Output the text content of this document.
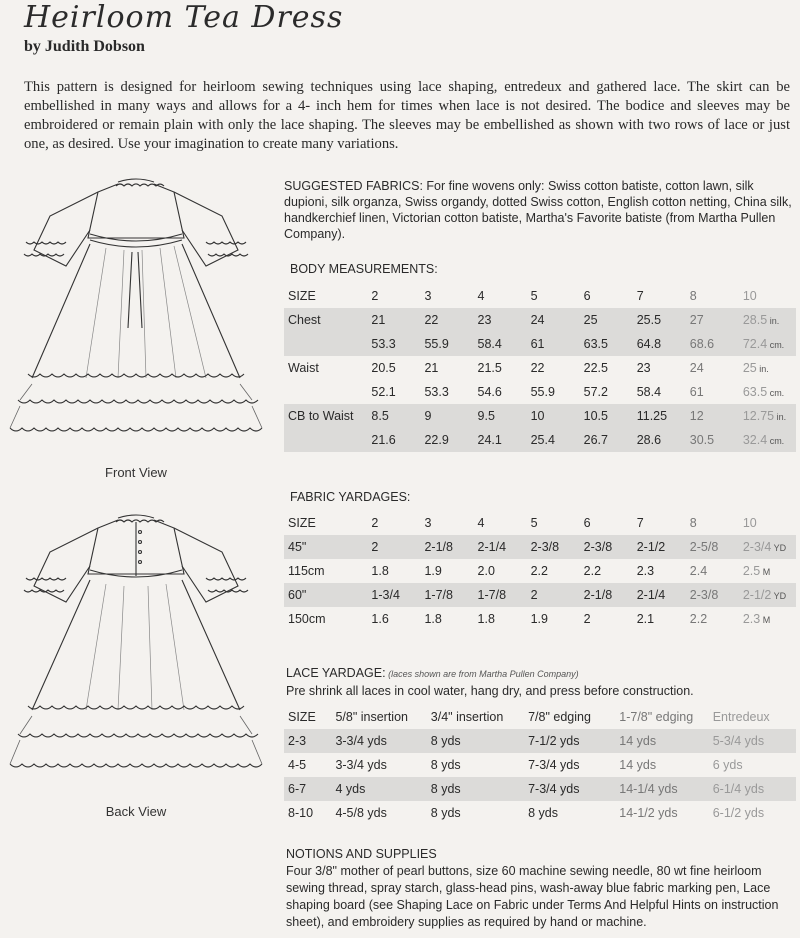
Heirloom Tea Dress
by Judith Dobson

This pattern is designed for heirloom sewing techniques using lace shaping, entredeux and gathered lace. The skirt can be embellished in many ways and allows for a 4- inch hem for times when lace is not desired. The bodice and sleeves may be embroidered or remain plain with only the lace shaping. The sleeves may be embellished as shown with two rows of lace or just one, as desired. Use your imagination to create many variations.

Front View
Back View

SUGGESTED FABRICS: For fine wovens only: Swiss cotton batiste, cotton lawn, silk dupioni, silk organza, Swiss organdy, dotted Swiss cotton, English cotton netting, China silk, handkerchief linen, Victorian cotton batiste, Martha's Favorite batiste (from Martha Pullen Company).

BODY MEASUREMENTS:
SIZE	2	3	4	5	6	7	8	10
Chest	21	22	23	24	25	25.5	27	28.5 in.
	53.3	55.9	58.4	61	63.5	64.8	68.6	72.4 cm.
Waist	20.5	21	21.5	22	22.5	23	24	25 in.
	52.1	53.3	54.6	55.9	57.2	58.4	61	63.5 cm.
CB to Waist	8.5	9	9.5	10	10.5	11.25	12	12.75 in.
	21.6	22.9	24.1	25.4	26.7	28.6	30.5	32.4 cm.
FABRIC YARDAGES:
SIZE	2	3	4	5	6	7	8	10
45"	2	2-1/8	2-1/4	2-3/8	2-3/8	2-1/2	2-5/8	2-3/4 YD
115cm	1.8	1.9	2.0	2.2	2.2	2.3	2.4	2.5 M
60"	1-3/4	1-7/8	1-7/8	2	2-1/8	2-1/4	2-3/8	2-1/2 YD
150cm	1.6	1.8	1.8	1.9	2	2.1	2.2	2.3 M
LACE YARDAGE: (laces shown are from Martha Pullen Company)
Pre shrink all laces in cool water, hang dry, and press before construction.
SIZE	5/8" insertion	3/4" insertion	7/8" edging	1-7/8" edging	Entredeux
2-3	3-3/4 yds	8 yds	7-1/2 yds	14 yds	5-3/4 yds
4-5	3-3/4 yds	8 yds	7-3/4 yds	14 yds	6 yds
6-7	4 yds	8 yds	7-3/4 yds	14-1/4 yds	6-1/4 yds
8-10	4-5/8 yds	8 yds	8 yds	14-1/2 yds	6-1/2 yds
NOTIONS AND SUPPLIES
Four 3/8" mother of pearl buttons, size 60 machine sewing needle, 80 wt fine heirloom sewing thread, spray starch, glass-head pins, wash-away blue fabric marking pen, Lace shaping board (see Shaping Lace on Fabric under Terms And Helpful Hints on instruction sheet), and embroidery supplies as required by hand or machine.
